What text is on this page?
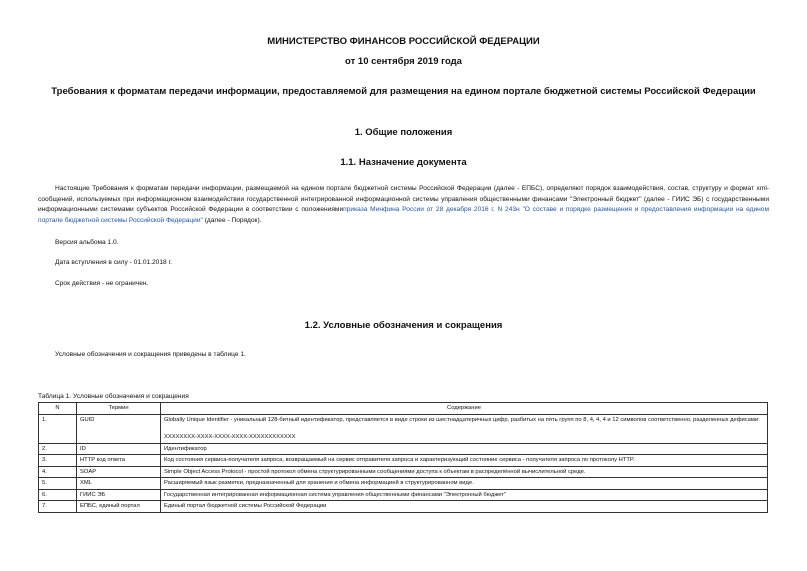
МИНИСТЕРСТВО ФИНАНСОВ РОССИЙСКОЙ ФЕДЕРАЦИИ
от 10 сентября 2019 года
Требования к форматам передачи информации, предоставляемой для размещения на едином портале бюджетной системы Российской Федерации
1. Общие положения
1.1. Назначение документа
Настоящие Требования к форматам передачи информации, размещаемой на едином портале бюджетной системы Российской Федерации (далее - ЕПБС), определяют порядок взаимодействия, состав, структуру и формат xml-сообщений, используемых при информационном взаимодействии государственной интегрированной информационной системы управления общественными финансами "Электронный бюджет" (далее - ГИИС ЭБ) с государственными информационными системами субъектов Российской Федерации в соответствии с положениямиприказа Минфина России от 28 декабря 2016 г. N 243н "О составе и порядке размещения и предоставления информации на едином портале бюджетной системы Российской Федерации" (далее - Порядок).
Версия альбома 1.0.
Дата вступления в силу - 01.01.2018 г.
Срок действия - не ограничен.
1.2. Условные обозначения и сокращения
Условные обозначения и сокращения приведены в таблице 1.
Таблица 1. Условные обозначения и сокращения
N	Термин	Содержание
1.	GUID	Globally Unique Identifier - уникальный 128-битный идентификатор, представляется в виде строки из шестнадцатеричных цифр, разбитых на пять групп по 8, 4, 4, 4 и 12 символов соответственно, разделенных дефисами:
XXXXXXXX-XXXX-XXXX-XXXX-XXXXXXXXXXXX

2.	ID	Идентификатор
3.	HTTP код ответа	Код состояния сервиса-получателя запроса, возвращаемый на сервис отправителя запроса и характеризующий состояние сервиса - получателя запроса по протоколу HTTP.
4.	SOAP	Simple Object Access Protocol - простой протокол обмена структурированными сообщениями доступа к объектам в распределённой вычислительной среде.
5.	XML	Расширяемый язык разметки, предназначенный для хранения и обмена информацией в структурированном виде.
6.	ГИИС ЭБ	Государственная интегрированная информационная система управления общественными финансами "Электронный бюджет"
7.	ЕПБС, единый портал	Единый портал бюджетной системы Российской Федерации
